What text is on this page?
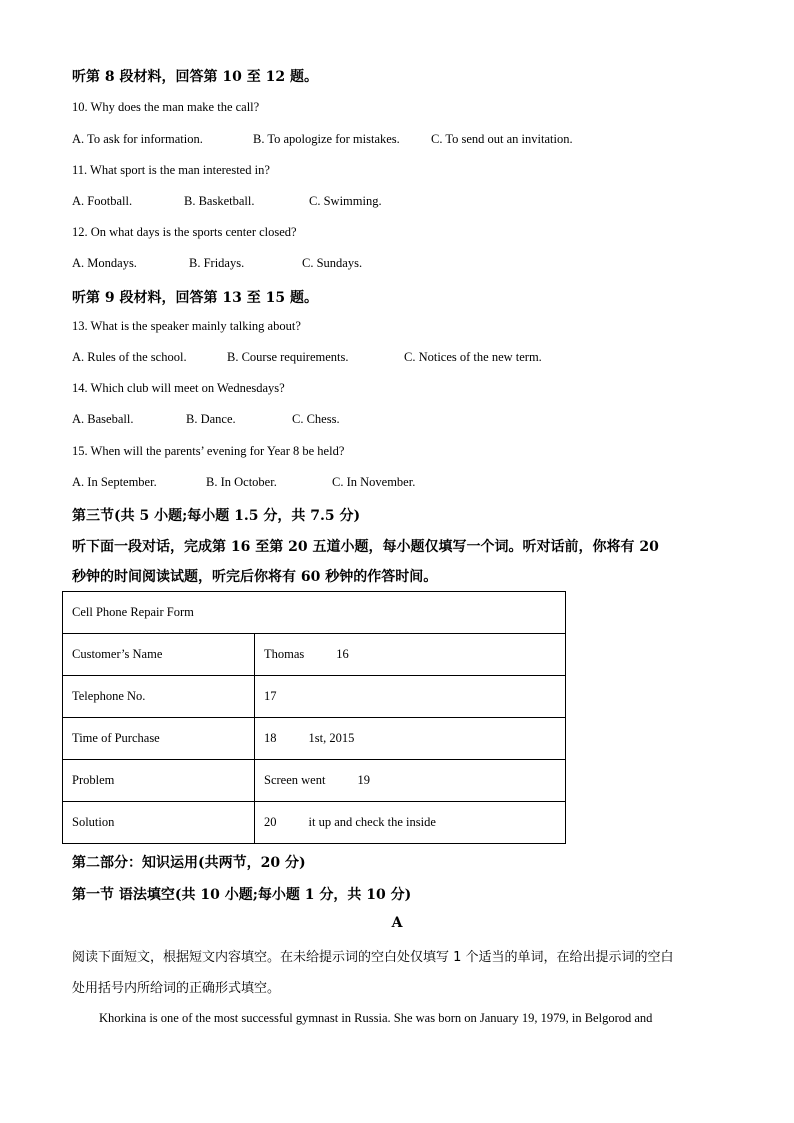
听第 8 段材料，回答第 10 至 12 题。
10. Why does the man make the call?
A. To ask for information.	B. To apologize for mistakes. C. To send out an invitation.
11. What sport is the man interested in?
A. Football.	B. Basketball.	C. Swimming.
12. On what days is the sports center closed?
A. Mondays.	B. Fridays.	C. Sundays.
听第 9 段材料，回答第 13 至 15 题。
13. What is the speaker mainly talking about?
A. Rules of the school.	B. Course requirements.	C. Notices of the new term.
14. Which club will meet on Wednesdays?
A. Baseball.	B. Dance.	C. Chess.
15. When will the parents’ evening for Year 8 be held?
A. In September.	B. In October.	C. In November.
第三节(共 5 小题;每小题 1.5 分，共 7.5 分)
听下面一段对话，完成第 16 至第 20 五道小题，每小题仅填写一个词。听对话前，你将有 20
秒钟的时间阅读试题，听完后你将有 60 秒钟的作答时间。
Cell Phone Repair Form	
Customer’s Name	Thomas 16
Telephone No.	17
Time of Purchase	18 1st, 2015
Problem	Screen went 19
Solution	20 it up and check the inside
第二部分：知识运用(共两节，20 分)
第一节 语法填空(共 10 小题;每小题 1 分，共 10 分)
A
阅读下面短文，根据短文内容填空。在未给提示词的空白处仅填写 1 个适当的单词，在给出提示词的空白
处用括号内所给词的正确形式填空。
Khorkina is one of the most successful gymnast in Russia. She was born on January 19, 1979, in Belgorod and
